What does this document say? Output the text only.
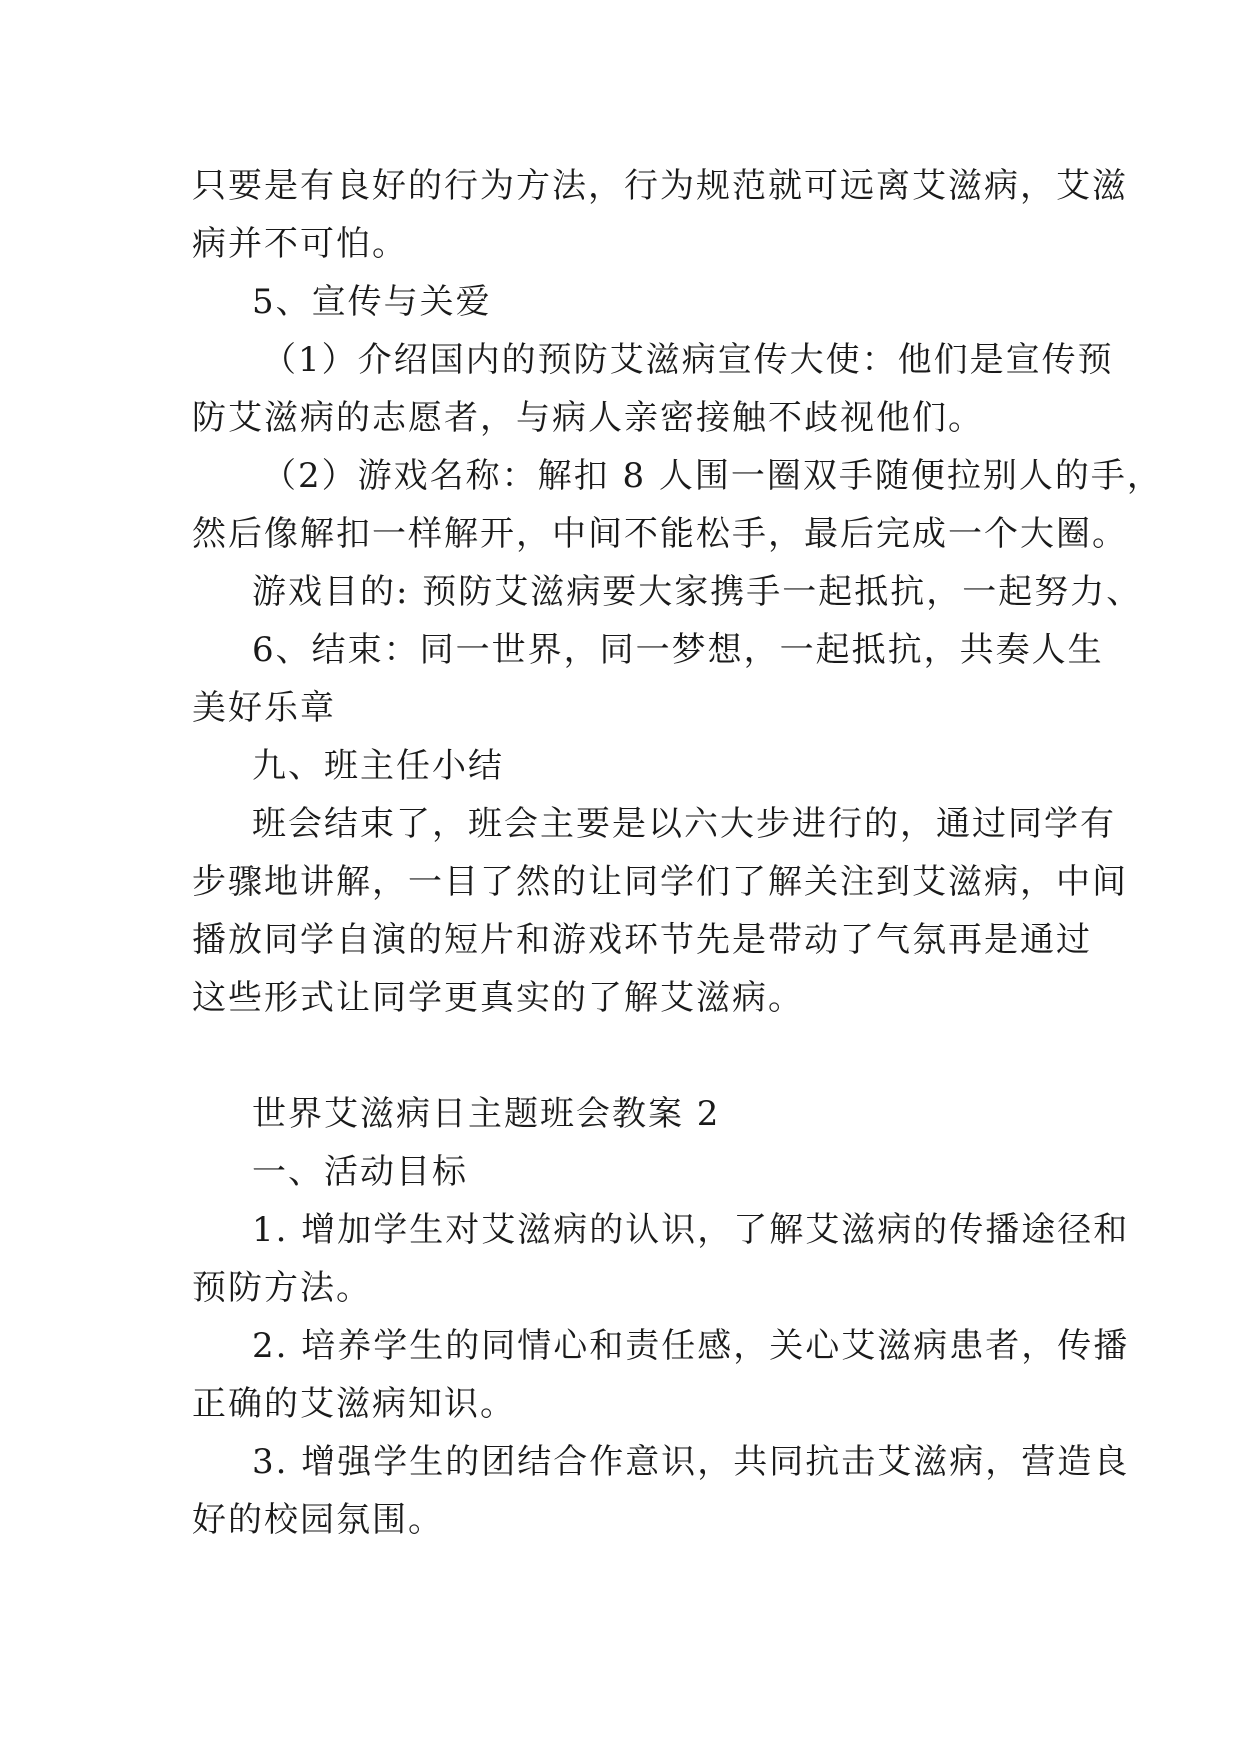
只要是有良好的行为方法，行为规范就可远离艾滋病，艾滋
病并不可怕。
5、宣传与关爱
（1）介绍国内的预防艾滋病宣传大使：他们是宣传预
防艾滋病的志愿者，与病人亲密接触不歧视他们。
（2）游戏名称：解扣 8 人围一圈双手随便拉别人的手，
然后像解扣一样解开，中间不能松手，最后完成一个大圈。
游戏目的: 预防艾滋病要大家携手一起抵抗，一起努力、
6、结束：同一世界，同一梦想，一起抵抗，共奏人生
美好乐章
九、班主任小结
班会结束了，班会主要是以六大步进行的，通过同学有
步骤地讲解，一目了然的让同学们了解关注到艾滋病，中间
播放同学自演的短片和游戏环节先是带动了气氛再是通过
这些形式让同学更真实的了解艾滋病。
世界艾滋病日主题班会教案 2
一、活动目标
1. 增加学生对艾滋病的认识，了解艾滋病的传播途径和
预防方法。
2. 培养学生的同情心和责任感，关心艾滋病患者，传播
正确的艾滋病知识。
3. 增强学生的团结合作意识，共同抗击艾滋病，营造良
好的校园氛围。
